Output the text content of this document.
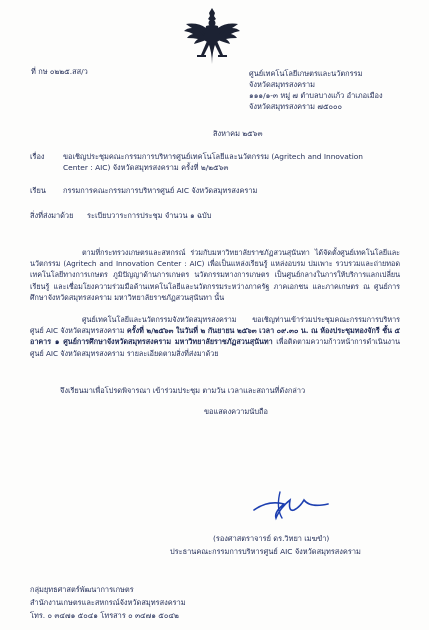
ที่ กษ ๐๒๒๕.สส/ว	ศูนย์เทคโนโลยีเกษตรและนวัตกรรม
จังหวัดสมุทรสงคราม
๑๑๑/๑-๓ หมู่ ๗ ตำบลบางแก้ว อำเภอเมือง
จังหวัดสมุทรสงคราม ๗๕๐๐๐
สิงหาคม ๒๕๖๓
เรื่อง ขอเชิญประชุมคณะกรรมการบริหารศูนย์เทคโนโลยีและนวัตกรรม (Agritech and Innovation
Center : AIC) จังหวัดสมุทรสงคราม ครั้งที่ ๒/๒๕๖๓
เรียน กรรมการคณะกรรมการบริหารศูนย์ AIC จังหวัดสมุทรสงคราม
สิ่งที่ส่งมาด้วย ระเบียบวาระการประชุม จำนวน ๑ ฉบับ
ตามที่กระทรวงเกษตรและสหกรณ์ ร่วมกับมหาวิทยาลัยราชภัฏสวนสุนันทา ได้จัดตั้งศูนย์เทคโนโลยีและนวัตกรรม (Agritech and Innovation Center : AIC) เพื่อเป็นแหล่งเรียนรู้ แหล่งอบรม บ่มเพาะ รวบรวมและถ่ายทอดเทคโนโลยีทางการเกษตร ภูมิปัญญาด้านการเกษตร นวัตกรรมทางการเกษตร เป็นศูนย์กลางในการให้บริการแลกเปลี่ยนเรียนรู้ และเชื่อมโยงความร่วมมือด้านเทคโนโลยีและนวัตกรรมระหว่างภาครัฐ ภาคเอกชน และภาคเกษตร ณ ศูนย์การศึกษาจังหวัดสมุทรสงคราม มหาวิทยาลัยราชภัฏสวนสุนันทา นั้น
ศูนย์เทคโนโลยีและนวัตกรรมจังหวัดสมุทรสงคราม ขอเชิญท่านเข้าร่วมประชุมคณะกรรมการบริหารศูนย์ AIC จังหวัดสมุทรสงคราม ครั้งที่ ๒/๒๕๖๓ ในวันที่ ๒ กันยายน ๒๕๖๓ เวลา ๐๙.๓๐ น. ณ ห้องประชุมทองจักรี ชั้น ๕ อาคาร ๑ ศูนย์การศึกษาจังหวัดสมุทรสงคราม มหาวิทยาลัยราชภัฏสวนสุนันทา เพื่อติดตามความก้าวหน้าการดำเนินงานศูนย์ AIC จังหวัดสมุทรสงคราม รายละเอียดตามสิ่งที่ส่งมาด้วย
จึงเรียนมาเพื่อโปรดพิจารณา เข้าร่วมประชุม ตามวัน เวลาและสถานที่ดังกล่าว
ขอแสดงความนับถือ
(รองศาสตราจารย์ ดร.วิทยา เมฆขำ)
ประธานคณะกรรมการบริหารศูนย์ AIC จังหวัดสมุทรสงคราม
กลุ่มยุทธศาสตร์พัฒนาการเกษตร
สำนักงานเกษตรและสหกรณ์จังหวัดสมุทรสงคราม
โทร. ๐ ๓๔๗๑ ๕๐๔๑ โทรสาร ๐ ๓๔๗๑ ๕๐๔๒
